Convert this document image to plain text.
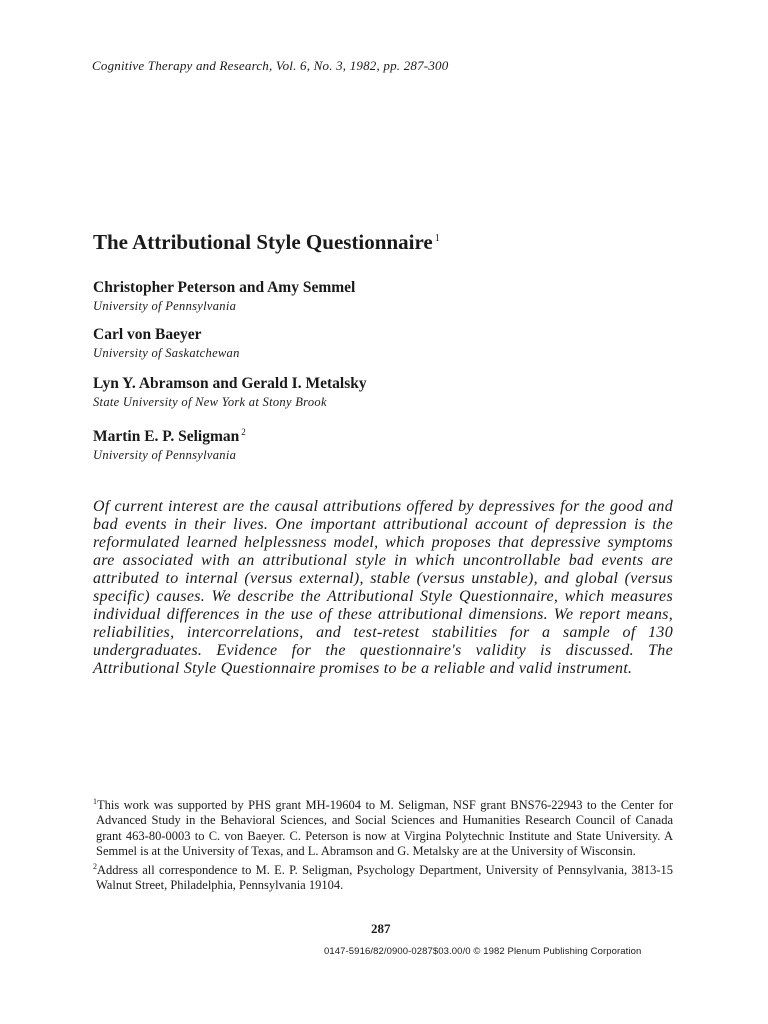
Cognitive Therapy and Research, Vol. 6, No. 3, 1982, pp. 287-300
The Attributional Style Questionnaire $^1$
Christopher Peterson and Amy Semmel
University of Pennsylvania
Carl von Baeyer
University of Saskatchewan
Lyn Y. Abramson and Gerald I. Metalsky
State University of New York at Stony Brook
Martin E. P. Seligman $^2$
University of Pennsylvania

Of current interest are the causal attributions offered by depressives for the good and bad events in their lives. One important attributional account of depression is the reformulated learned helplessness model, which proposes that depressive symptoms are associated with an attributional style in which uncontrollable bad events are attributed to internal (versus external), stable (versus unstable), and global (versus specific) causes. We describe the Attributional Style Questionnaire, which measures individual differences in the use of these attributional dimensions. We report means, reliabilities, intercorrelations, and test-retest stabilities for a sample of 130 undergraduates. Evidence for the questionnaire's validity is discussed. The Attributional Style Questionnaire promises to be a reliable and valid instrument.

$^1$This work was supported by PHS grant MH-19604 to M. Seligman, NSF grant BNS76-22943 to the Center for Advanced Study in the Behavioral Sciences, and Social Sciences and Humanities Research Council of Canada grant 463-80-0003 to C. von Baeyer. C. Peterson is now at Virgina Polytechnic Institute and State University. A Semmel is at the University of Texas, and L. Abramson and G. Metalsky are at the University of Wisconsin.

$^2$Address all correspondence to M. E. P. Seligman, Psychology Department, University of Pennsylvania, 3813-15 Walnut Street, Philadelphia, Pennsylvania 19104.

287
0147-5916/82/0900-0287$03.00/0 © 1982 Plenum Publishing Corporation
